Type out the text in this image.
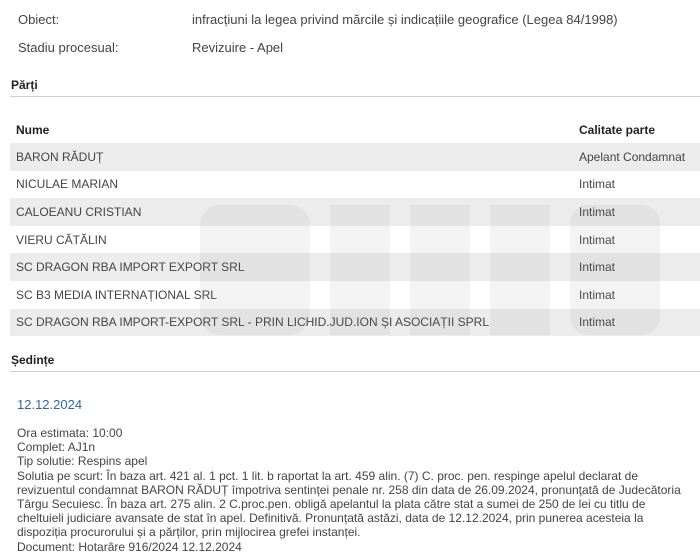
Obiect:	infracțiuni la legea privind mărcile și indicațiile geografice (Legea 84/1998)
Stadiu procesual:	Revizuire - Apel
Părți
Nume	Calitate parte
BARON RĂDUȚ	Apelant Condamnat
NICULAE MARIAN	Intimat
CALOEANU CRISTIAN	Intimat
VIERU CĂTĂLIN	Intimat
SC DRAGON RBA IMPORT EXPORT SRL	Intimat
SC B3 MEDIA INTERNAȚIONAL SRL	Intimat
SC DRAGON RBA IMPORT-EXPORT SRL - PRIN LICHID.JUD.ION ȘI ASOCIAȚII SPRL	Intimat
Ședințe
12.12.2024
Ora estimata: 10:00
Complet: AJ1n
Tip solutie: Respins apel
Solutia pe scurt: În baza art. 421 al. 1 pct. 1 lit. b raportat la art. 459 alin. (7) C. proc. pen. respinge apelul declarat de revizuentul condamnat BARON RĂDUȚ împotriva sentinței penale nr. 258 din data de 26.09.2024, pronunțată de Judecătoria Târgu Secuiesc. În baza art. 275 alin. 2 C.proc.pen. obligă apelantul la plata către stat a sumei de 250 de lei cu titlu de cheltuieli judiciare avansate de stat în apel. Definitivă. Pronunțată astăzi, data de 12.12.2024, prin punerea acesteia la dispoziția procurorului și a părților, prin mijlocirea grefei instanței.
Document: Hotarâre 916/2024 12.12.2024
